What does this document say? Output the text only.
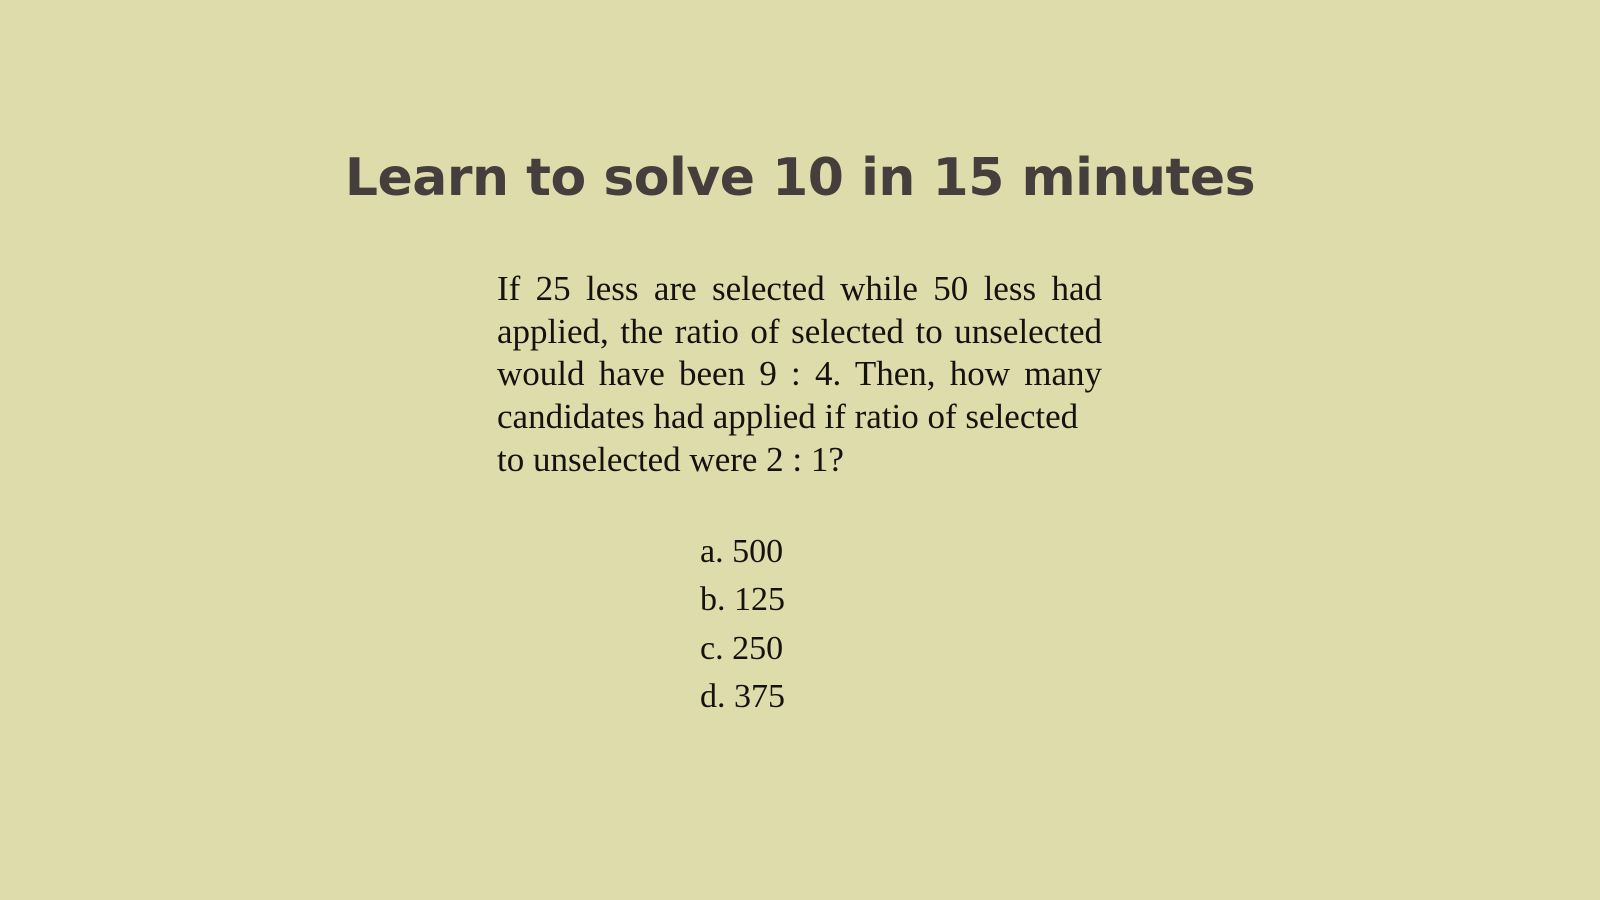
Learn to solve 10 in 15 minutes
If 25 less are selected while 50 less had applied, the ratio of selected to unselected would have been 9 : 4. Then, how many candidates had applied if ratio of selected
to unselected were 2 : 1?
a. 500
b. 125
c. 250
d. 375
